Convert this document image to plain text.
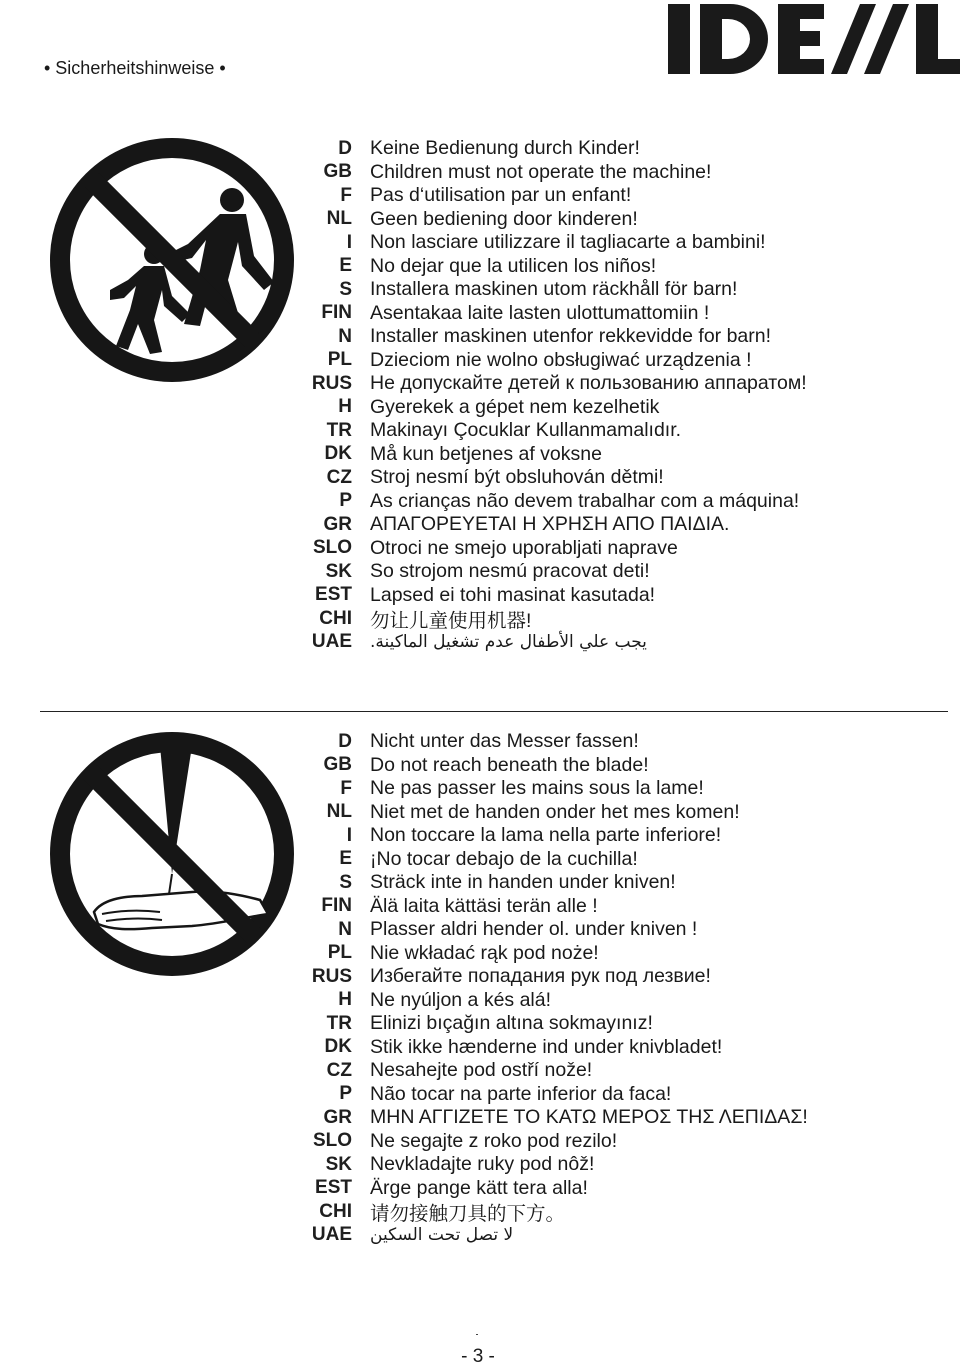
• Sicherheitshinweise •
D Keine Bedienung durch Kinder!
GB Children must not operate the machine!
F Pas d‘utilisation par un enfant!
NL Geen bediening door kinderen!
I Non lasciare utilizzare il tagliacarte a bambini!
E No dejar que la utilicen los niños!
S Installera maskinen utom räckhåll för barn!
FIN Asentakaa laite lasten ulottumattomiin !
N Installer maskinen utenfor rekkevidde for barn!
PL Dzieciom nie wolno obsługiwać urządzenia !
RUS Не допускайте детей к пользованию аппаратом!
H Gyerekek a gépet nem kezelhetik
TR Makinayı Çocuklar Kullanmamalıdır.
DK Må kun betjenes af voksne
CZ Stroj nesmí být obsluhován dětmi!
P As crianças não devem trabalhar com a máquina!
GR ΑΠΑΓΟΡΕΥΕΤΑΙ Η ΧΡΗΣΗ ΑΠΟ ΠΑΙΔΙΑ.
SLO Otroci ne smejo uporabljati naprave
SK So strojom nesmú pracovat deti!
EST Lapsed ei tohi masinat kasutada!
CHI 勿让儿童使用机器!
UAE يجب علي الأطفال عدم تشغيل الماكينة.
D Nicht unter das Messer fassen!
GB Do not reach beneath the blade!
F Ne pas passer les mains sous la lame!
NL Niet met de handen onder het mes komen!
I Non toccare la lama nella parte inferiore!
E ¡No tocar debajo de la cuchilla!
S Sträck inte in handen under kniven!
FIN Älä laita kättäsi terän alle !
N Plasser aldri hender ol. under kniven !
PL Nie wkładać rąk pod noże!
RUS Избегайте попадания рук под лезвие!
H Ne nyúljon a kés alá!
TR Elinizi bıçağın altına sokmayınız!
DK Stik ikke hænderne ind under knivbladet!
CZ Nesahejte pod ostří nože!
P Não tocar na parte inferior da faca!
GR ΜΗΝ ΑΓΓΙΖΕΤΕ ΤΟ ΚΑΤΩ ΜΕΡΟΣ ΤΗΣ ΛΕΠΙΔΑΣ!
SLO Ne segajte z roko pod rezilo!
SK Nevkladajte ruky pod nôž!
EST Ärge pange kätt tera alla!
CHI 请勿接触刀具的下方。
UAE لا تصل تحت السكين
- 3 -
